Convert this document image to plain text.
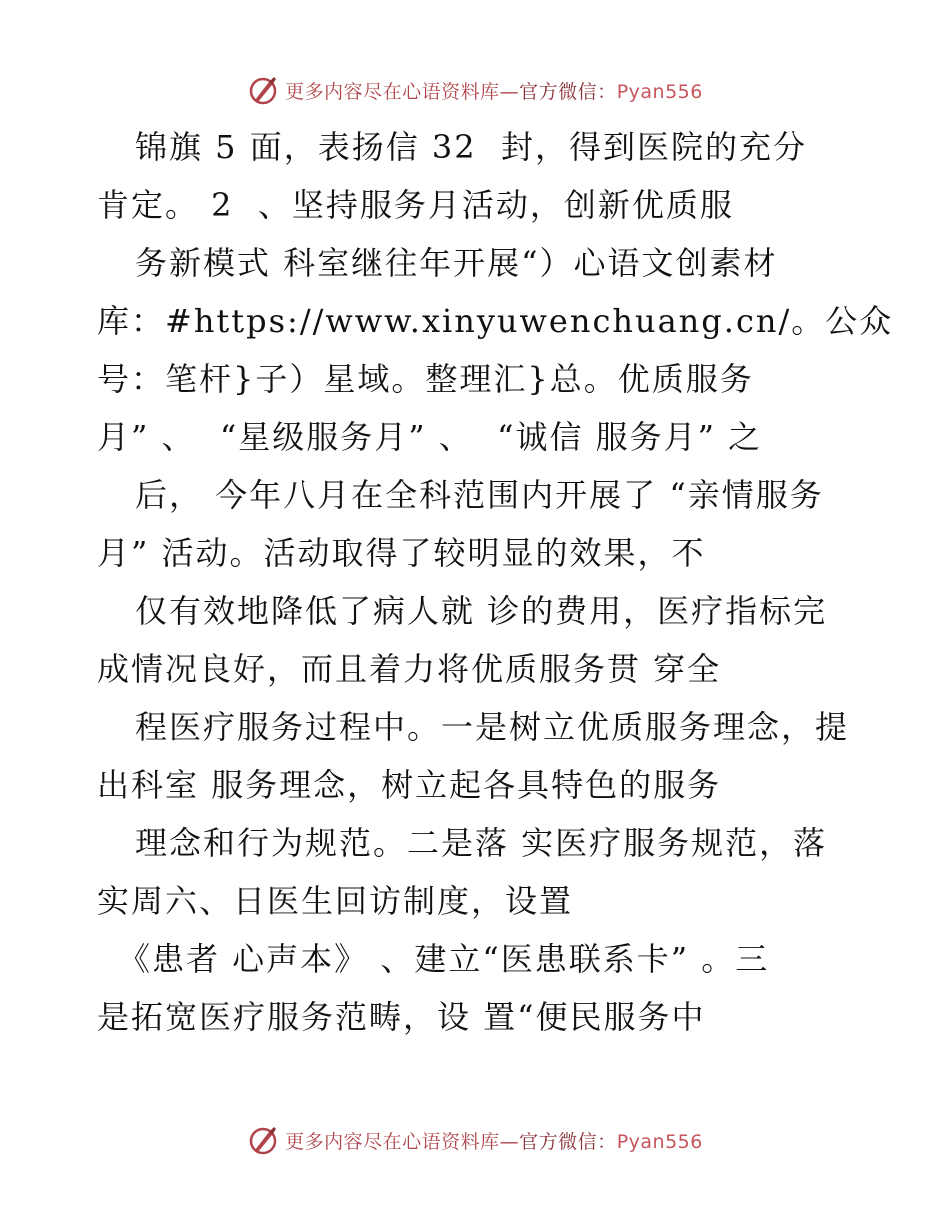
更多内容尽在心语资料库—官方微信：Pyan556
锦旗 5 面，表扬信 32  封，得到医院的充分
肯定。 2  、坚持服务月活动，创新优质服
务新模式 科室继往年开展“）心语文创素材
库：#https://www.xinyuwenchuang.cn/。公众
号：笔杆}子）星域。整理汇}总。优质服务
月” 、  “星级服务月” 、  “诚信 服务月” 之
后， 今年八月在全科范围内开展了 “亲情服务
月” 活动。活动取得了较明显的效果，不
仅有效地降低了病人就 诊的费用，医疗指标完
成情况良好，而且着力将优质服务贯 穿全
程医疗服务过程中。一是树立优质服务理念，提
出科室 服务理念，树立起各具特色的服务
理念和行为规范。二是落 实医疗服务规范，落
实周六、日医生回访制度，设置
《患者 心声本》 、建立“医患联系卡” 。三
是拓宽医疗服务范畴，设 置“便民服务中
更多内容尽在心语资料库—官方微信：Pyan556
